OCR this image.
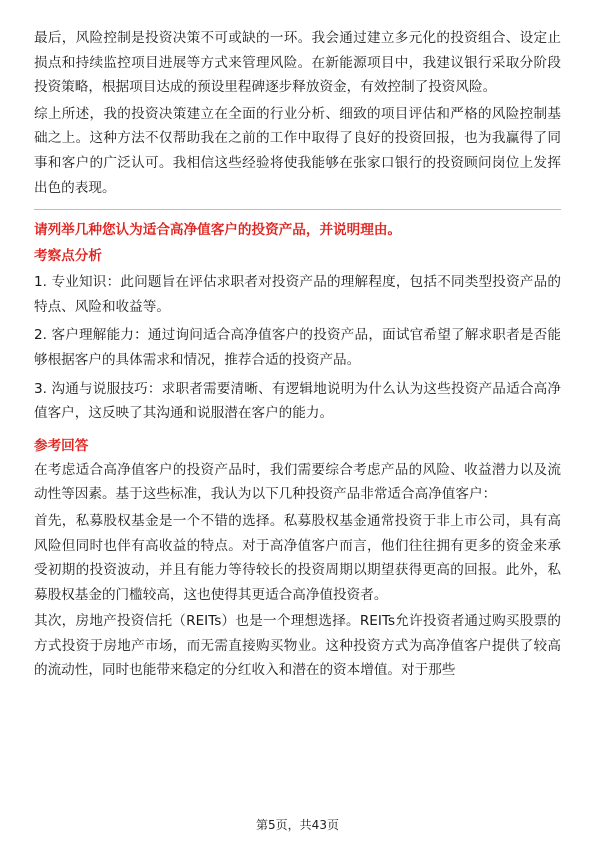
最后，风险控制是投资决策不可或缺的一环。我会通过建立多元化的投资组合、设定止损点和持续监控项目进展等方式来管理风险。在新能源项目中，我建议银行采取分阶段投资策略，根据项目达成的预设里程碑逐步释放资金，有效控制了投资风险。

综上所述，我的投资决策建立在全面的行业分析、细致的项目评估和严格的风险控制基础之上。这种方法不仅帮助我在之前的工作中取得了良好的投资回报，也为我赢得了同事和客户的广泛认可。我相信这些经验将使我能够在张家口银行的投资顾问岗位上发挥出色的表现。

请列举几种您认为适合高净值客户的投资产品，并说明理由。

考察点分析

1. 专业知识：此问题旨在评估求职者对投资产品的理解程度，包括不同类型投资产品的特点、风险和收益等。

2. 客户理解能力：通过询问适合高净值客户的投资产品，面试官希望了解求职者是否能够根据客户的具体需求和情况，推荐合适的投资产品。

3. 沟通与说服技巧：求职者需要清晰、有逻辑地说明为什么认为这些投资产品适合高净值客户，这反映了其沟通和说服潜在客户的能力。

参考回答

在考虑适合高净值客户的投资产品时，我们需要综合考虑产品的风险、收益潜力以及流动性等因素。基于这些标准，我认为以下几种投资产品非常适合高净值客户：

首先，私募股权基金是一个不错的选择。私募股权基金通常投资于非上市公司，具有高风险但同时也伴有高收益的特点。对于高净值客户而言，他们往往拥有更多的资金来承受初期的投资波动，并且有能力等待较长的投资周期以期望获得更高的回报。此外，私募股权基金的门槛较高，这也使得其更适合高净值投资者。

其次，房地产投资信托（REITs）也是一个理想选择。REITs允许投资者通过购买股票的方式投资于房地产市场，而无需直接购买物业。这种投资方式为高净值客户提供了较高的流动性，同时也能带来稳定的分红收入和潜在的资本增值。对于那些

第5页，共43页
